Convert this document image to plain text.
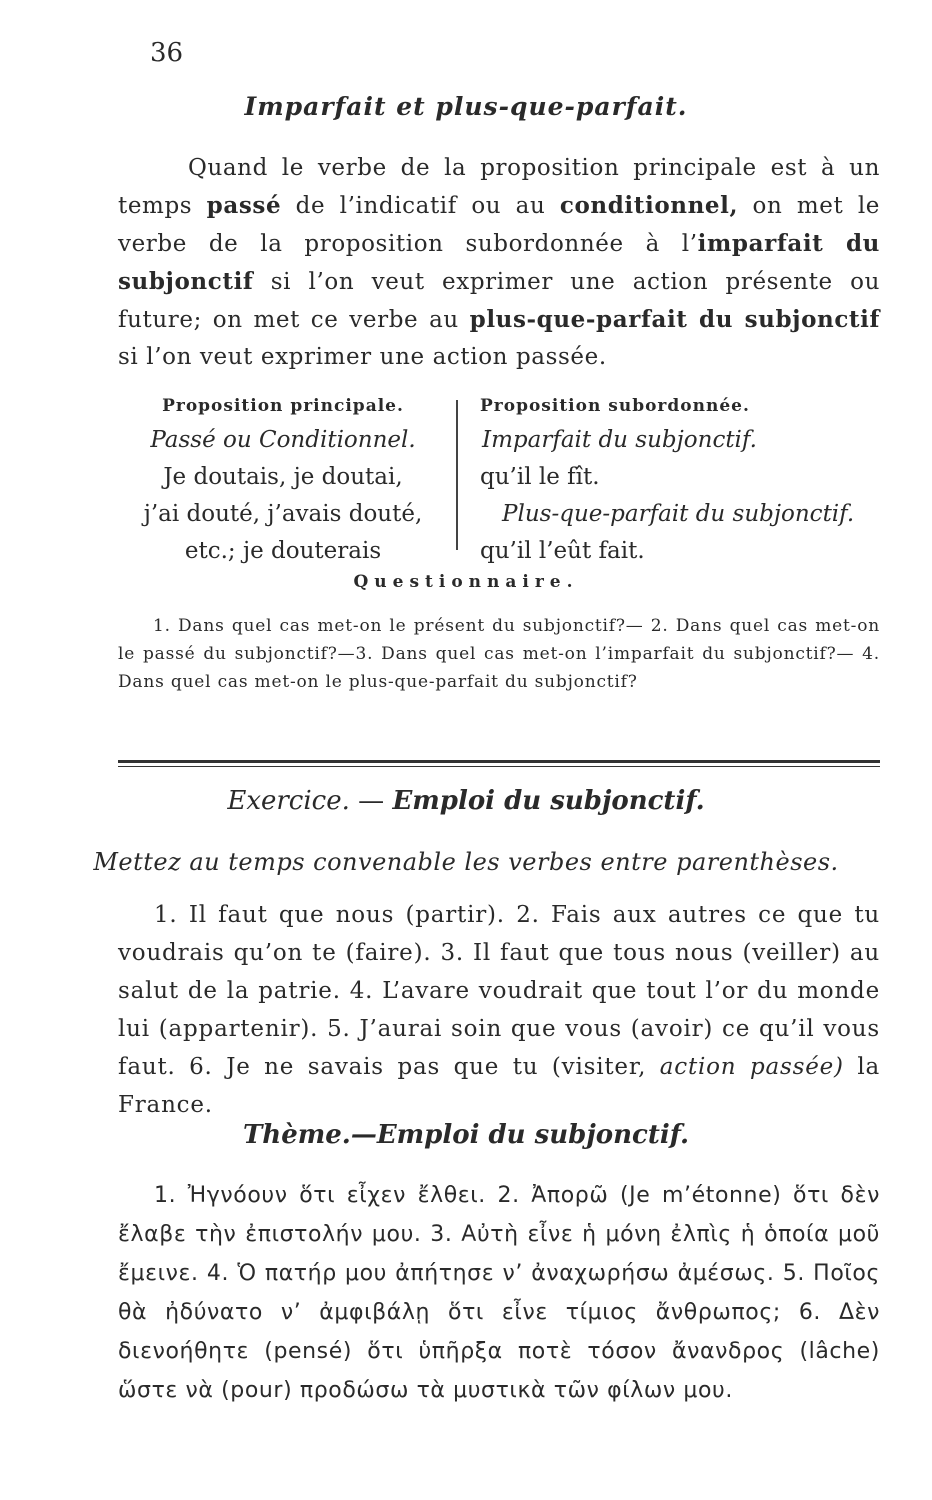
36
Imparfait et plus-que-parfait.
Quand le verbe de la proposition principale est à un temps passé de l’indicatif ou au conditionnel, on met le verbe de la proposition subordonnée à l’imparfait du subjonctif si l’on veut exprimer une action présente ou future; on met ce verbe au plus-que-parfait du subjonctif si l’on veut exprimer une action passée.
Proposition principale.
Passé ou Conditionnel.
Je doutais, je doutai,
j’ai douté, j’avais douté,
etc.; je douterais
Proposition subordonnée.
Imparfait du subjonctif.
qu’il le fît.
Plus-que-parfait du subjonctif.
qu’il l’eût fait.
Questionnaire.
1. Dans quel cas met-on le présent du subjonctif?— 2. Dans quel cas met-on le passé du subjonctif?—3. Dans quel cas met-on l’imparfait du subjonctif?— 4. Dans quel cas met-on le plus-que-parfait du subjonctif?
Exercice. — Emploi du subjonctif.
Mettez au temps convenable les verbes entre parenthèses.
1. Il faut que nous (partir). 2. Fais aux autres ce que tu voudrais qu’on te (faire). 3. Il faut que tous nous (veiller) au salut de la patrie. 4. L’avare voudrait que tout l’or du monde lui (appartenir). 5. J’aurai soin que vous (avoir) ce qu’il vous faut. 6. Je ne savais pas que tu (visiter, action passée) la France.
Thème.—Emploi du subjonctif.
1. Ἠγνόουν ὅτι εἶχεν ἔλθει. 2. Ἀπορῶ (Je m’étonne) ὅτι δὲν ἔλαβε τὴν ἐπιστολήν μου. 3. Αὐτὴ εἶνε ἡ μόνη ἐλπὶς ἡ ὁποία μοῦ ἔμεινε. 4. Ὁ πατήρ μου ἀπήτησε ν’ ἀναχωρήσω ἀμέσως. 5. Ποῖος θὰ ἠδύνατο ν’ ἀμφιβάλῃ ὅτι εἶνε τίμιος ἄνθρωπος; 6. Δὲν διενοήθητε (pensé) ὅτι ὑπῆρξα ποτὲ τόσον ἄνανδρος (lâche) ὥστε νὰ (pour) προδώσω τὰ μυστικὰ τῶν φίλων μου.
